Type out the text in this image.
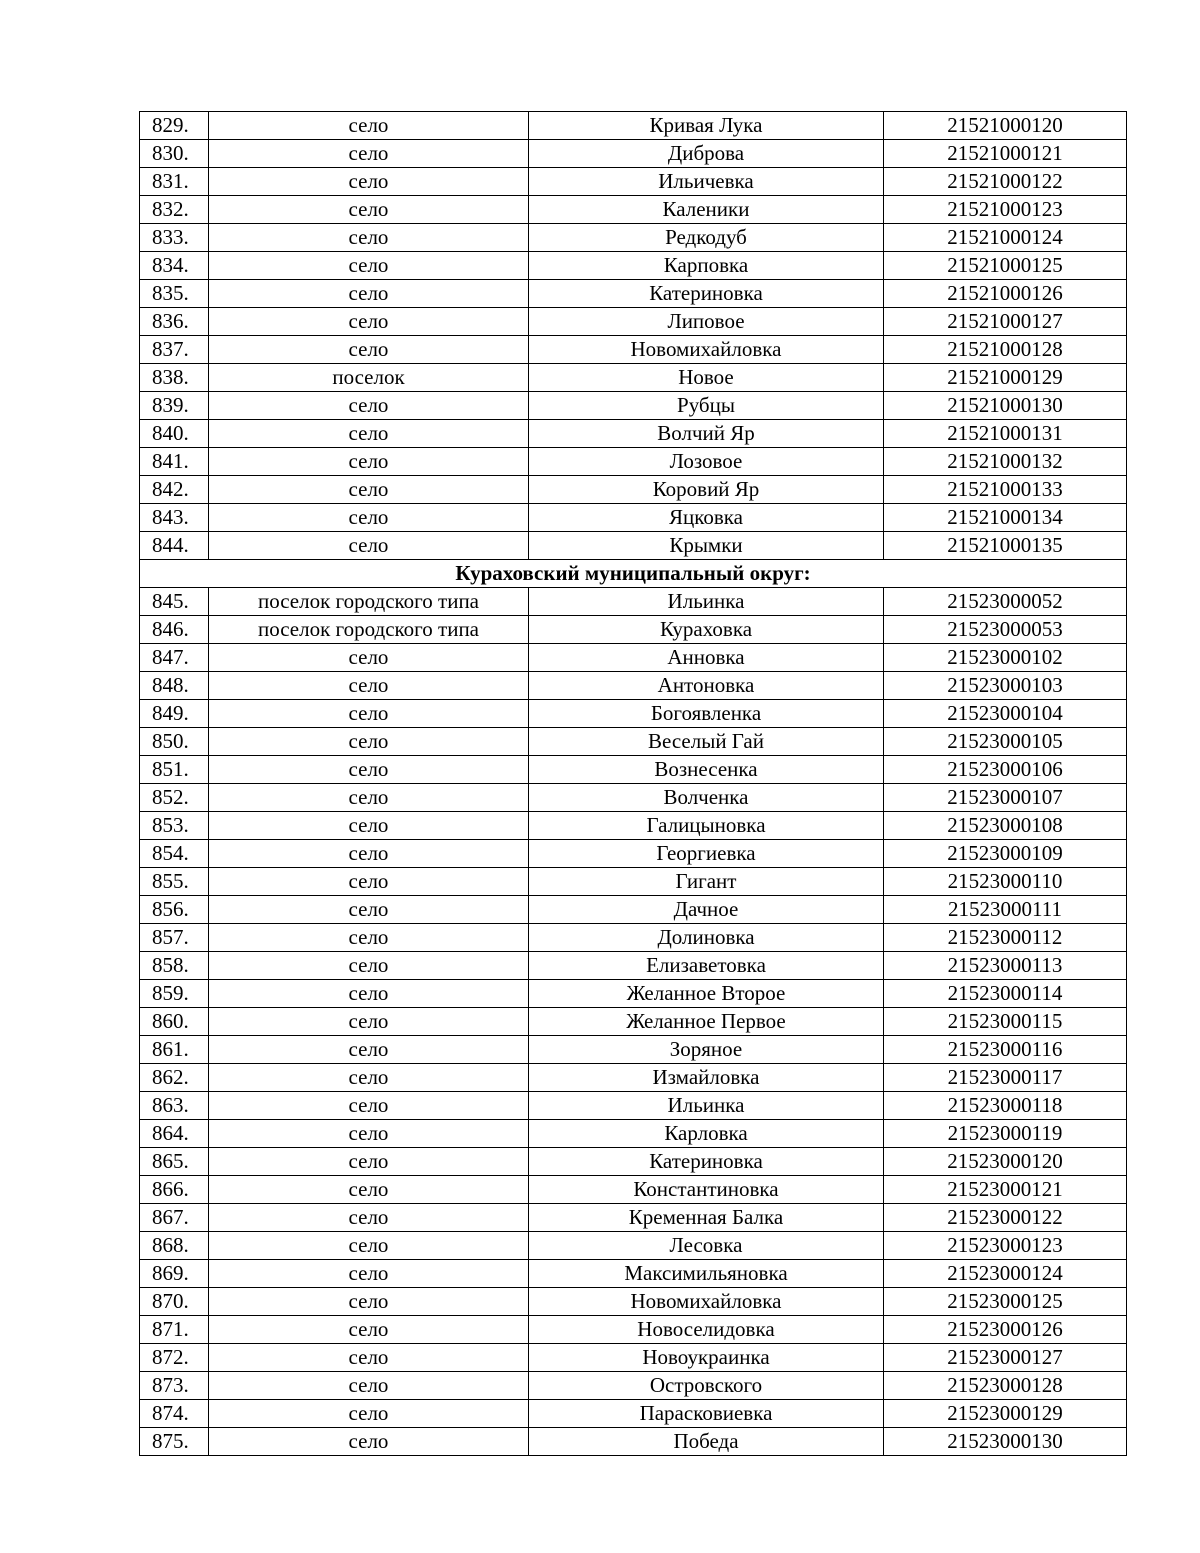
829.	село	Кривая Лука	21521000120
830.	село	Диброва	21521000121
831.	село	Ильичевка	21521000122
832.	село	Каленики	21521000123
833.	село	Редкодуб	21521000124
834.	село	Карповка	21521000125
835.	село	Катериновка	21521000126
836.	село	Липовое	21521000127
837.	село	Новомихайловка	21521000128
838.	поселок	Новое	21521000129
839.	село	Рубцы	21521000130
840.	село	Волчий Яр	21521000131
841.	село	Лозовое	21521000132
842.	село	Коровий Яр	21521000133
843.	село	Яцковка	21521000134
844.	село	Крымки	21521000135
Кураховский муниципальный округ:			
845.	поселок городского типа	Ильинка	21523000052
846.	поселок городского типа	Кураховка	21523000053
847.	село	Анновка	21523000102
848.	село	Антоновка	21523000103
849.	село	Богоявленка	21523000104
850.	село	Веселый Гай	21523000105
851.	село	Вознесенка	21523000106
852.	село	Волченка	21523000107
853.	село	Галицыновка	21523000108
854.	село	Георгиевка	21523000109
855.	село	Гигант	21523000110
856.	село	Дачное	21523000111
857.	село	Долиновка	21523000112
858.	село	Елизаветовка	21523000113
859.	село	Желанное Второе	21523000114
860.	село	Желанное Первое	21523000115
861.	село	Зоряное	21523000116
862.	село	Измайловка	21523000117
863.	село	Ильинка	21523000118
864.	село	Карловка	21523000119
865.	село	Катериновка	21523000120
866.	село	Константиновка	21523000121
867.	село	Кременная Балка	21523000122
868.	село	Лесовка	21523000123
869.	село	Максимильяновка	21523000124
870.	село	Новомихайловка	21523000125
871.	село	Новоселидовка	21523000126
872.	село	Новоукраинка	21523000127
873.	село	Островского	21523000128
874.	село	Парасковиевка	21523000129
875.	село	Победа	21523000130
